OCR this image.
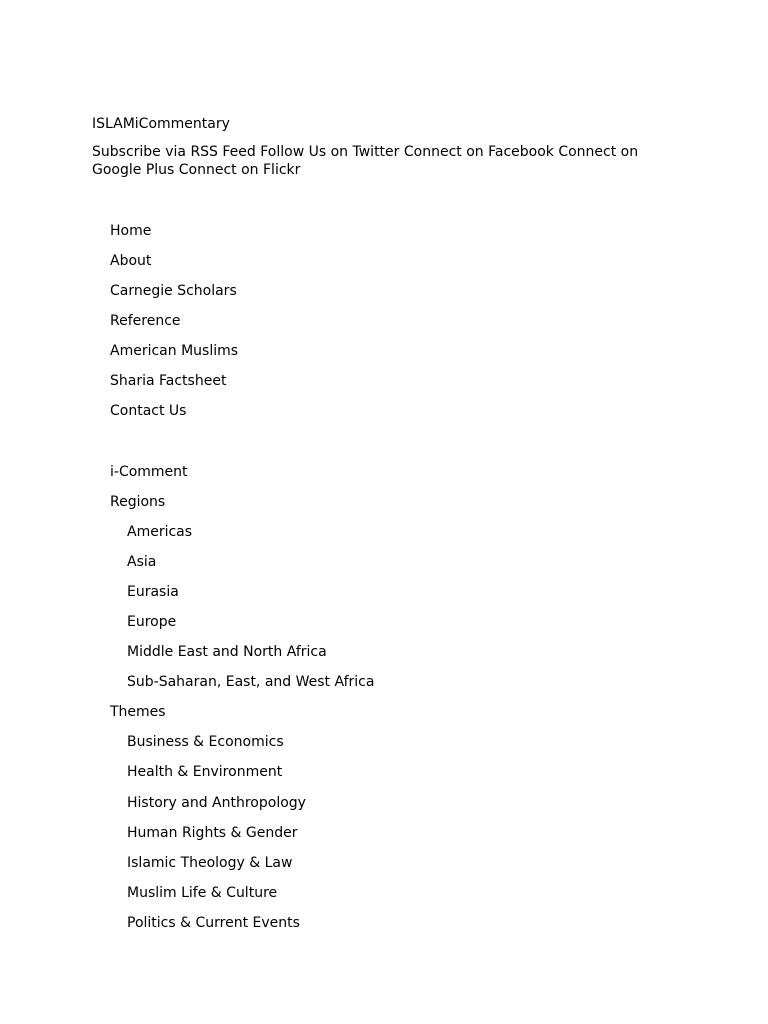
ISLAMiCommentary
Subscribe via RSS Feed Follow Us on Twitter Connect on Facebook Connect on Google Plus Connect on Flickr
Home
About
Carnegie Scholars
Reference
American Muslims
Sharia Factsheet
Contact Us
i-Comment
Regions
Americas
Asia
Eurasia
Europe
Middle East and North Africa
Sub-Saharan, East, and West Africa
Themes
Business & Economics
Health & Environment
History and Anthropology
Human Rights & Gender
Islamic Theology & Law
Muslim Life & Culture
Politics & Current Events
